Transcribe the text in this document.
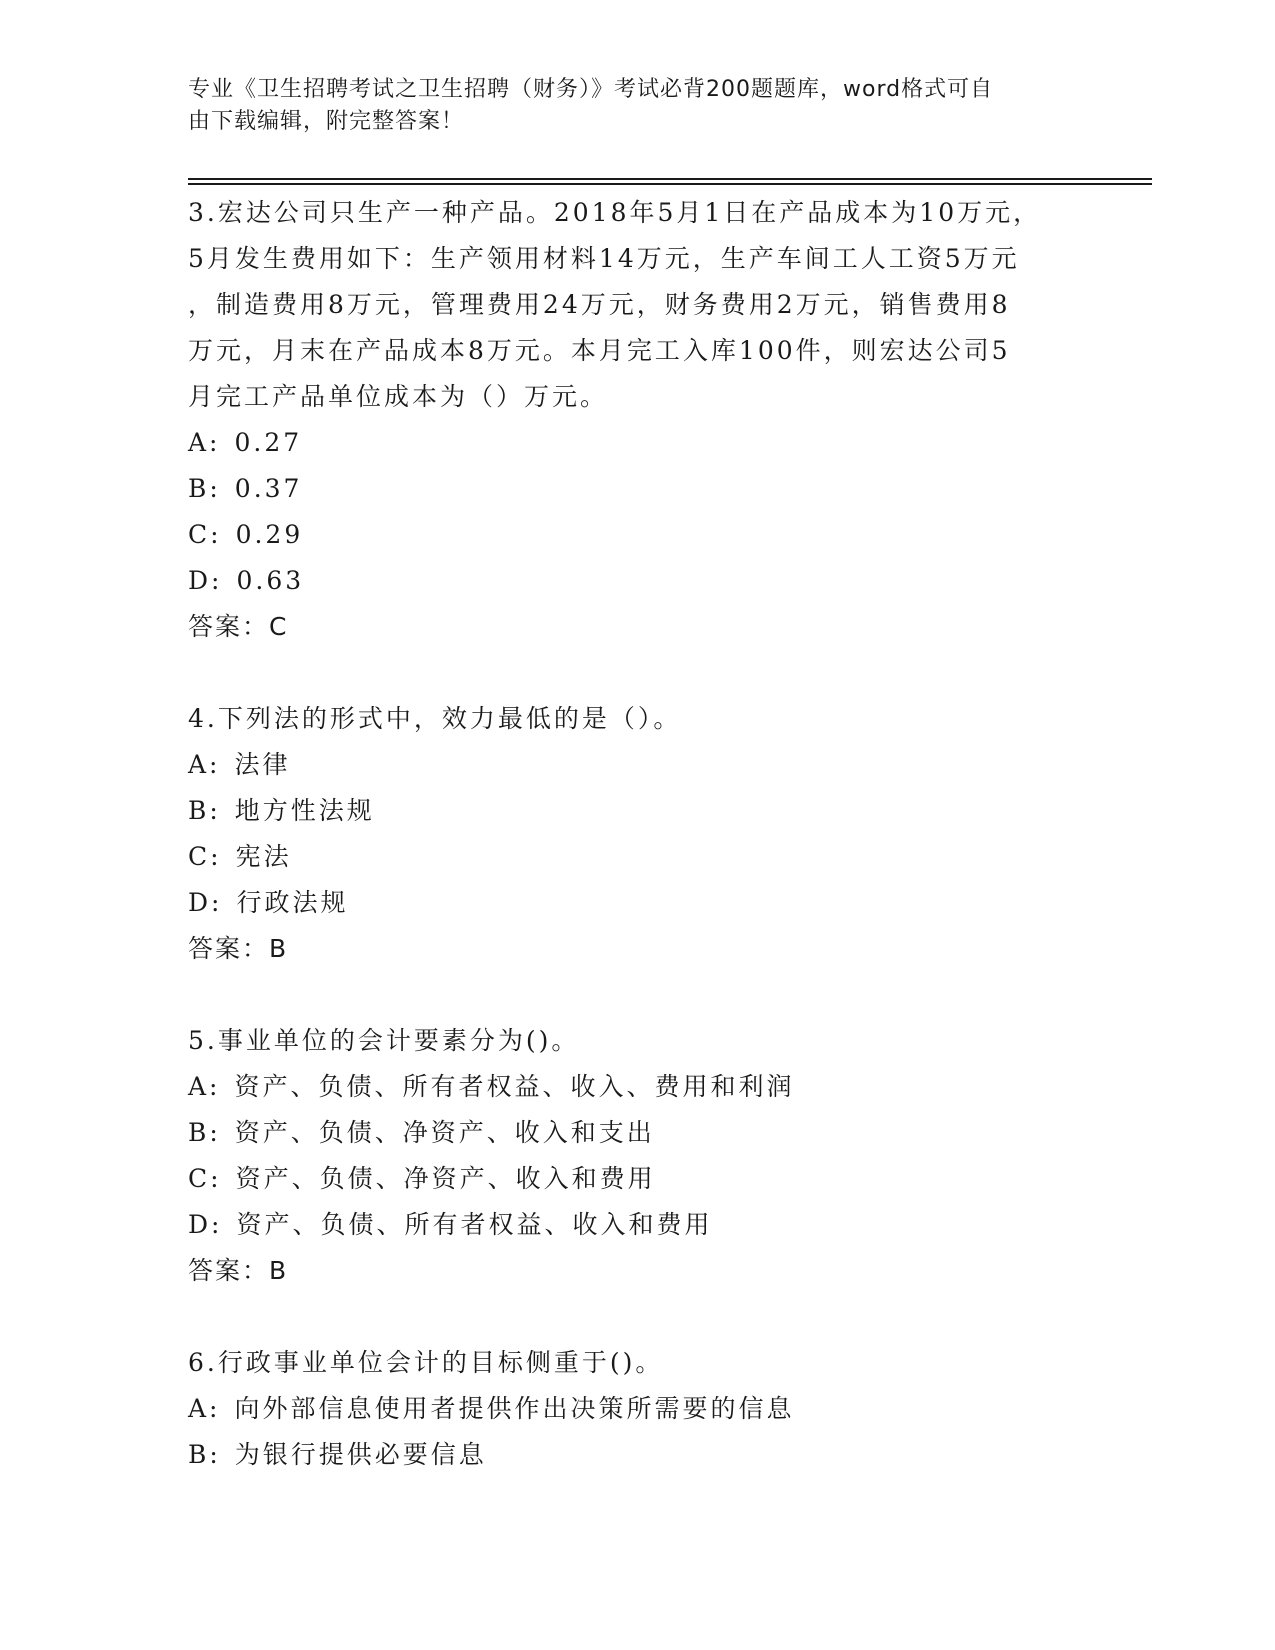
专业《卫生招聘考试之卫生招聘（财务）》考试必背200题题库，word格式可自
由下载编辑，附完整答案！
3.宏达公司只生产一种产品。2018年5月1日在产品成本为10万元，
5月发生费用如下：生产领用材料14万元，生产车间工人工资5万元
，制造费用8万元，管理费用24万元，财务费用2万元，销售费用8
万元，月末在产品成本8万元。本月完工入库100件，则宏达公司5
月完工产品单位成本为（）万元。
A: 0.27
B: 0.37
C: 0.29
D: 0.63
答案：C
4.下列法的形式中，效力最低的是（）。
A: 法律
B: 地方性法规
C: 宪法
D: 行政法规
答案：B
5.事业单位的会计要素分为()。
A: 资产、负债、所有者权益、收入、费用和利润
B: 资产、负债、净资产、收入和支出
C: 资产、负债、净资产、收入和费用
D: 资产、负债、所有者权益、收入和费用
答案：B
6.行政事业单位会计的目标侧重于()。
A: 向外部信息使用者提供作出决策所需要的信息
B: 为银行提供必要信息
